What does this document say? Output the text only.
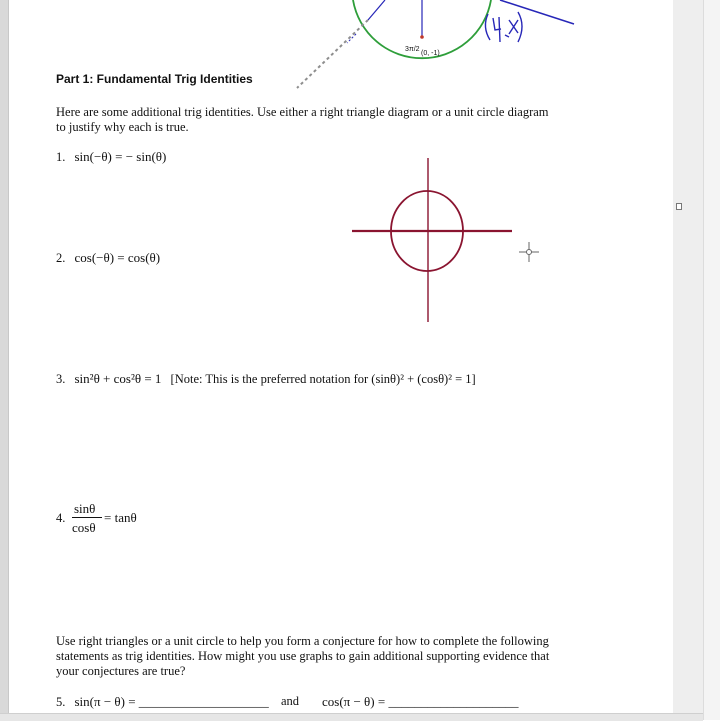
3π/2
(0, -1)
Part 1: Fundamental Trig Identities
Here are some additional trig identities. Use either a right triangle diagram or a unit circle diagram
to justify why each is true.
1. sin(−θ) = − sin(θ)
2. cos(−θ) = cos(θ)
3. sin²θ + cos²θ = 1 [Note: This is the preferred notation for (sinθ)² + (cosθ)² = 1]
4.
sinθ
cosθ
= tanθ
Use right triangles or a unit circle to help you form a conjecture for how to complete the following
statements as trig identities. How might you use graphs to gain additional supporting evidence that
your conjectures are true?
5. sin(π − θ) = ____________________ and cos(π − θ) = ____________________
